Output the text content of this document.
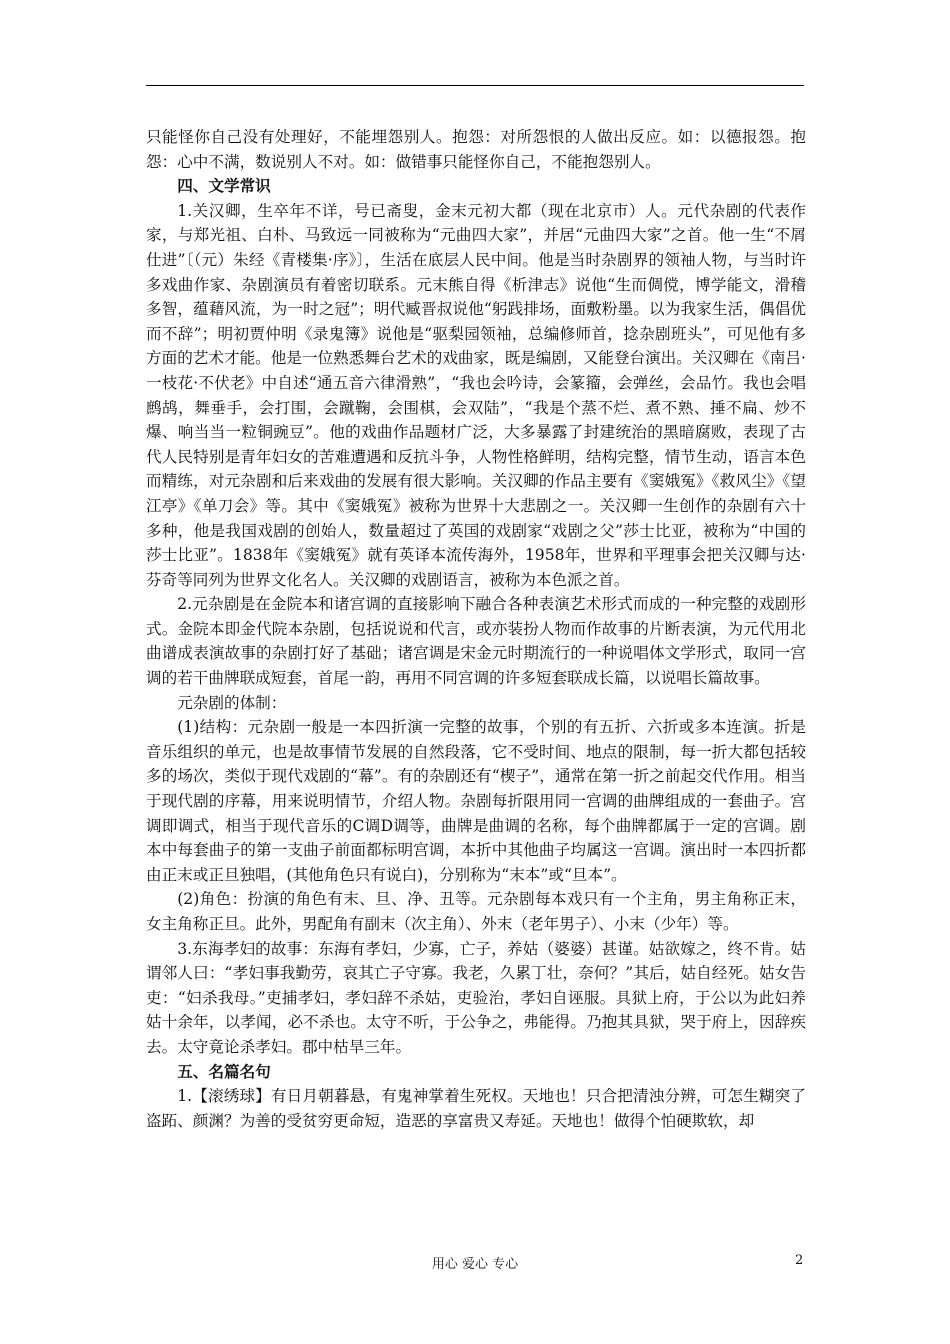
只能怪你自己没有处理好，不能埋怨别人。抱怨：对所怨恨的人做出反应。如：以德报怨。抱怨：心中不满，数说别人不对。如：做错事只能怪你自己，不能抱怨别人。

四、文学常识

1.关汉卿，生卒年不详，号已斋叟，金末元初大都（现在北京市）人。元代杂剧的代表作家，与郑光祖、白朴、马致远一同被称为“元曲四大家”，并居“元曲四大家”之首。他一生“不屑仕进”〔（元）朱经《青楼集·序》〕，生活在底层人民中间。他是当时杂剧界的领袖人物，与当时许多戏曲作家、杂剧演员有着密切联系。元末熊自得《析津志》说他“生而倜傥，博学能文，滑稽多智，蕴藉风流，为一时之冠”；明代臧晋叔说他“躬践排场，面敷粉墨。以为我家生活，偶倡优而不辞”；明初贾仲明《录鬼簿》说他是“驱梨园领袖，总编修师首，捻杂剧班头”，可见他有多方面的艺术才能。他是一位熟悉舞台艺术的戏曲家，既是编剧，又能登台演出。关汉卿在《南吕·一枝花·不伏老》中自述“通五音六律滑熟”，“我也会吟诗，会篆籀，会弹丝，会品竹。我也会唱鹧鸪，舞垂手，会打围，会蹴鞠，会围棋，会双陆”，“我是个蒸不烂、煮不熟、捶不扁、炒不爆、响当当一粒铜豌豆”。他的戏曲作品题材广泛，大多暴露了封建统治的黑暗腐败，表现了古代人民特别是青年妇女的苦难遭遇和反抗斗争，人物性格鲜明，结构完整，情节生动，语言本色而精练，对元杂剧和后来戏曲的发展有很大影响。关汉卿的作品主要有《窦娥冤》《救风尘》《望江亭》《单刀会》等。其中《窦娥冤》被称为世界十大悲剧之一。关汉卿一生创作的杂剧有六十多种，他是我国戏剧的创始人，数量超过了英国的戏剧家“戏剧之父”莎士比亚，被称为“中国的莎士比亚”。1838年《窦娥冤》就有英译本流传海外，1958年，世界和平理事会把关汉卿与达·芬奇等同列为世界文化名人。关汉卿的戏剧语言，被称为本色派之首。

2.元杂剧是在金院本和诸宫调的直接影响下融合各种表演艺术形式而成的一种完整的戏剧形式。金院本即金代院本杂剧，包括说说和代言，或亦装扮人物而作故事的片断表演，为元代用北曲谱成表演故事的杂剧打好了基础；诸宫调是宋金元时期流行的一种说唱体文学形式，取同一宫调的若干曲牌联成短套，首尾一韵，再用不同宫调的许多短套联成长篇，以说唱长篇故事。

元杂剧的体制：

(1)结构：元杂剧一般是一本四折演一完整的故事，个别的有五折、六折或多本连演。折是音乐组织的单元，也是故事情节发展的自然段落，它不受时间、地点的限制，每一折大都包括较多的场次，类似于现代戏剧的“幕”。有的杂剧还有“楔子”，通常在第一折之前起交代作用。相当于现代剧的序幕，用来说明情节，介绍人物。杂剧每折限用同一宫调的曲牌组成的一套曲子。宫调即调式，相当于现代音乐的C调D调等，曲牌是曲调的名称，每个曲牌都属于一定的宫调。剧本中每套曲子的第一支曲子前面都标明宫调，本折中其他曲子均属这一宫调。演出时一本四折都由正末或正旦独唱，(其他角色只有说白)，分别称为“末本”或“旦本”。

(2)角色：扮演的角色有末、旦、净、丑等。元杂剧每本戏只有一个主角，男主角称正末，女主角称正旦。此外，男配角有副末（次主角）、外末（老年男子）、小末（少年）等。

3.东海孝妇的故事：东海有孝妇，少寡，亡子，养姑（婆婆）甚谨。姑欲嫁之，终不肯。姑谓邻人曰：“孝妇事我勤劳，哀其亡子守寡。我老，久累丁壮，奈何？”其后，姑自经死。姑女告吏：“妇杀我母。”吏捕孝妇，孝妇辞不杀姑，吏验治，孝妇自诬服。具狱上府，于公以为此妇养姑十余年，以孝闻，必不杀也。太守不听，于公争之，弗能得。乃抱其具狱，哭于府上，因辞疾去。太守竟论杀孝妇。郡中枯旱三年。

五、名篇名句

1.【滚绣球】有日月朝暮悬，有鬼神掌着生死权。天地也！只合把清浊分辨，可怎生糊突了盗跖、颜渊？为善的受贫穷更命短，造恶的享富贵又寿延。天地也！做得个怕硬欺软，却

用心 爱心 专心	2
